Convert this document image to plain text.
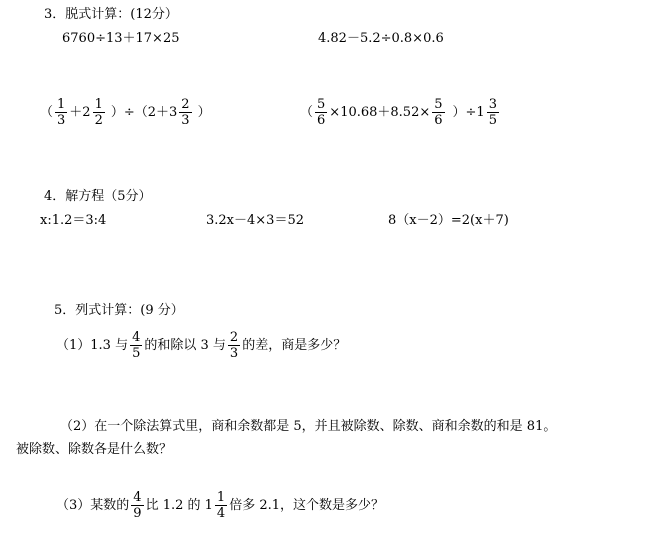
3．脱式计算：(12分）
6760÷13＋17×25	4.82－5.2÷0.8×0.6
（ $\frac{1}{3} +2 \frac{1}{2} )\div(2+3 \frac{2}{3}$ ）	（ $\frac{5}{6} \times 10.68+8.52\times \frac{5}{6} )\div 1 \frac{3}{5}$
4．解方程（5分）
x:1.2＝3:4	3.2x－4×3＝52	8（x－2）=2(x＋7)
5．列式计算：(9 分）
（1）1.3 与 $\frac{4}{5}$ 的和除以 3 与 $\frac{2}{3}$ 的差，商是多少？
（2）在一个除法算式里，商和余数都是 5，并且被除数、除数、商和余数的和是 81。
被除数、除数各是什么数？
（3）某数的 $\frac{4}{9}$ 比 1.2 的 $1 \frac{1}{4}$ 倍多 2.1，这个数是多少？
